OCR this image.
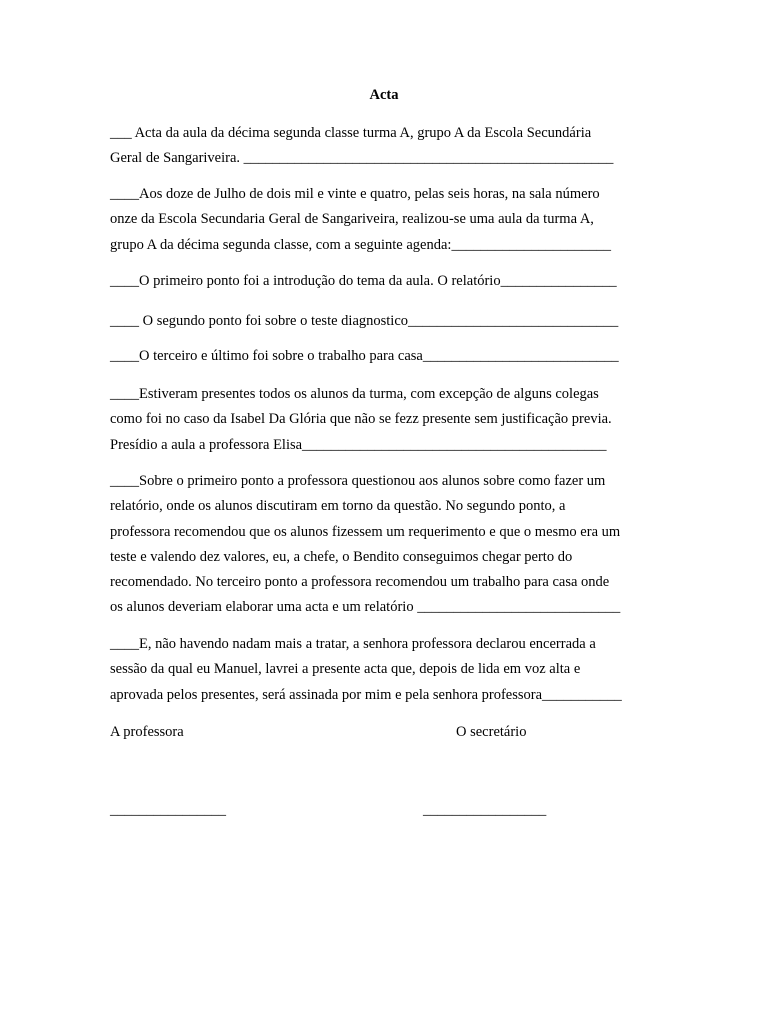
Acta

___ Acta da aula da décima segunda classe turma A, grupo A da Escola Secundária
Geral de Sangariveira. ___________________________________________________

____Aos doze de Julho de dois mil e vinte e quatro, pelas seis horas, na sala número
onze da Escola Secundaria Geral de Sangariveira, realizou-se uma aula da turma A,
grupo A da décima segunda classe, com a seguinte agenda:______________________

____O primeiro ponto foi a introdução do tema da aula. O relatório________________

____ O segundo ponto foi sobre o teste diagnostico_____________________________

____O terceiro e último foi sobre o trabalho para casa___________________________

____Estiveram presentes todos os alunos da turma, com excepção de alguns colegas
como foi no caso da Isabel Da Glória que não se fezz presente sem justificação previa.
Presídio a aula a professora Elisa__________________________________________

____Sobre o primeiro ponto a professora questionou aos alunos sobre como fazer um
relatório, onde os alunos discutiram em torno da questão. No segundo ponto, a
professora recomendou que os alunos fizessem um requerimento e que o mesmo era um
teste e valendo dez valores, eu, a chefe, o Bendito conseguimos chegar perto do
recomendado. No terceiro ponto a professora recomendou um trabalho para casa onde
os alunos deveriam elaborar uma acta e um relatório ____________________________

____E, não havendo nadam mais a tratar, a senhora professora declarou encerrada a
sessão da qual eu Manuel, lavrei a presente acta que, depois de lida em voz alta e
aprovada pelos presentes, será assinada por mim e pela senhora professora___________

A professora	O secretário
________________	_________________
